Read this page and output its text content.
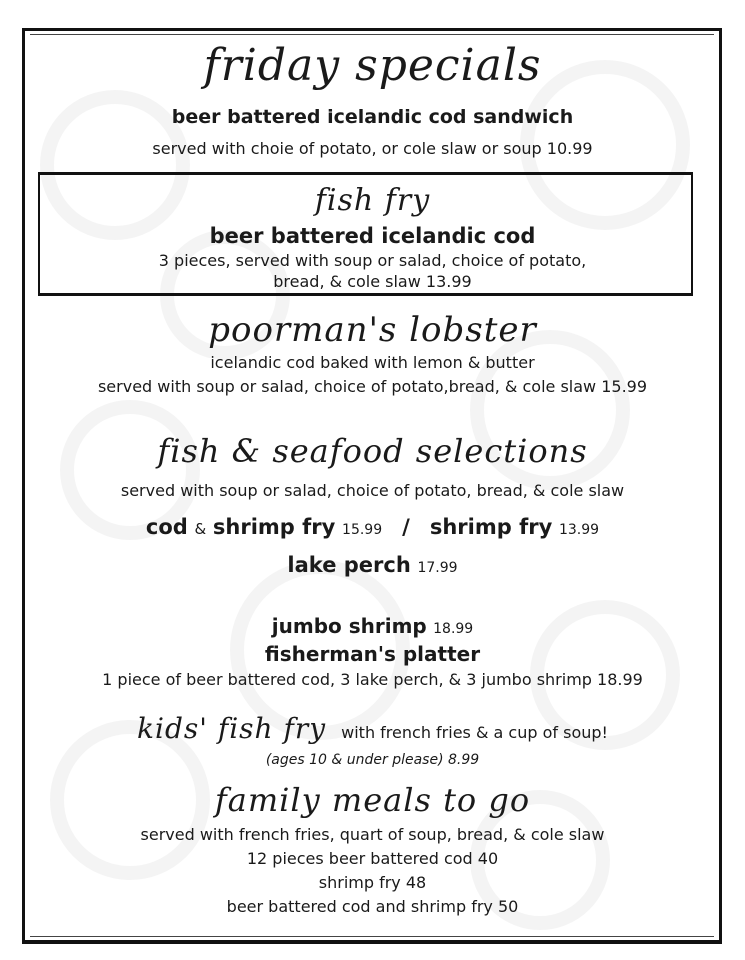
friday specials
beer battered icelandic cod sandwich
served with choie of potato, or cole slaw or soup 10.99
fish fry
beer battered icelandic cod
3 pieces, served with soup or salad, choice of potato,
bread, & cole slaw 13.99
poorman's lobster
icelandic cod baked with lemon & butter
served with soup or salad, choice of potato,bread, & cole slaw 15.99
fish & seafood selections
served with soup or salad, choice of potato, bread, & cole slaw
cod & shrimp fry 15.99 / shrimp fry 13.99
lake perch 17.99
jumbo shrimp 18.99
fisherman's platter
1 piece of beer battered cod, 3 lake perch, & 3 jumbo shrimp 18.99
kids' fish fry with french fries & a cup of soup!
(ages 10 & under please) 8.99
family meals to go
served with french fries, quart of soup, bread, & cole slaw
12 pieces beer battered cod 40
shrimp fry 48
beer battered cod and shrimp fry 50
